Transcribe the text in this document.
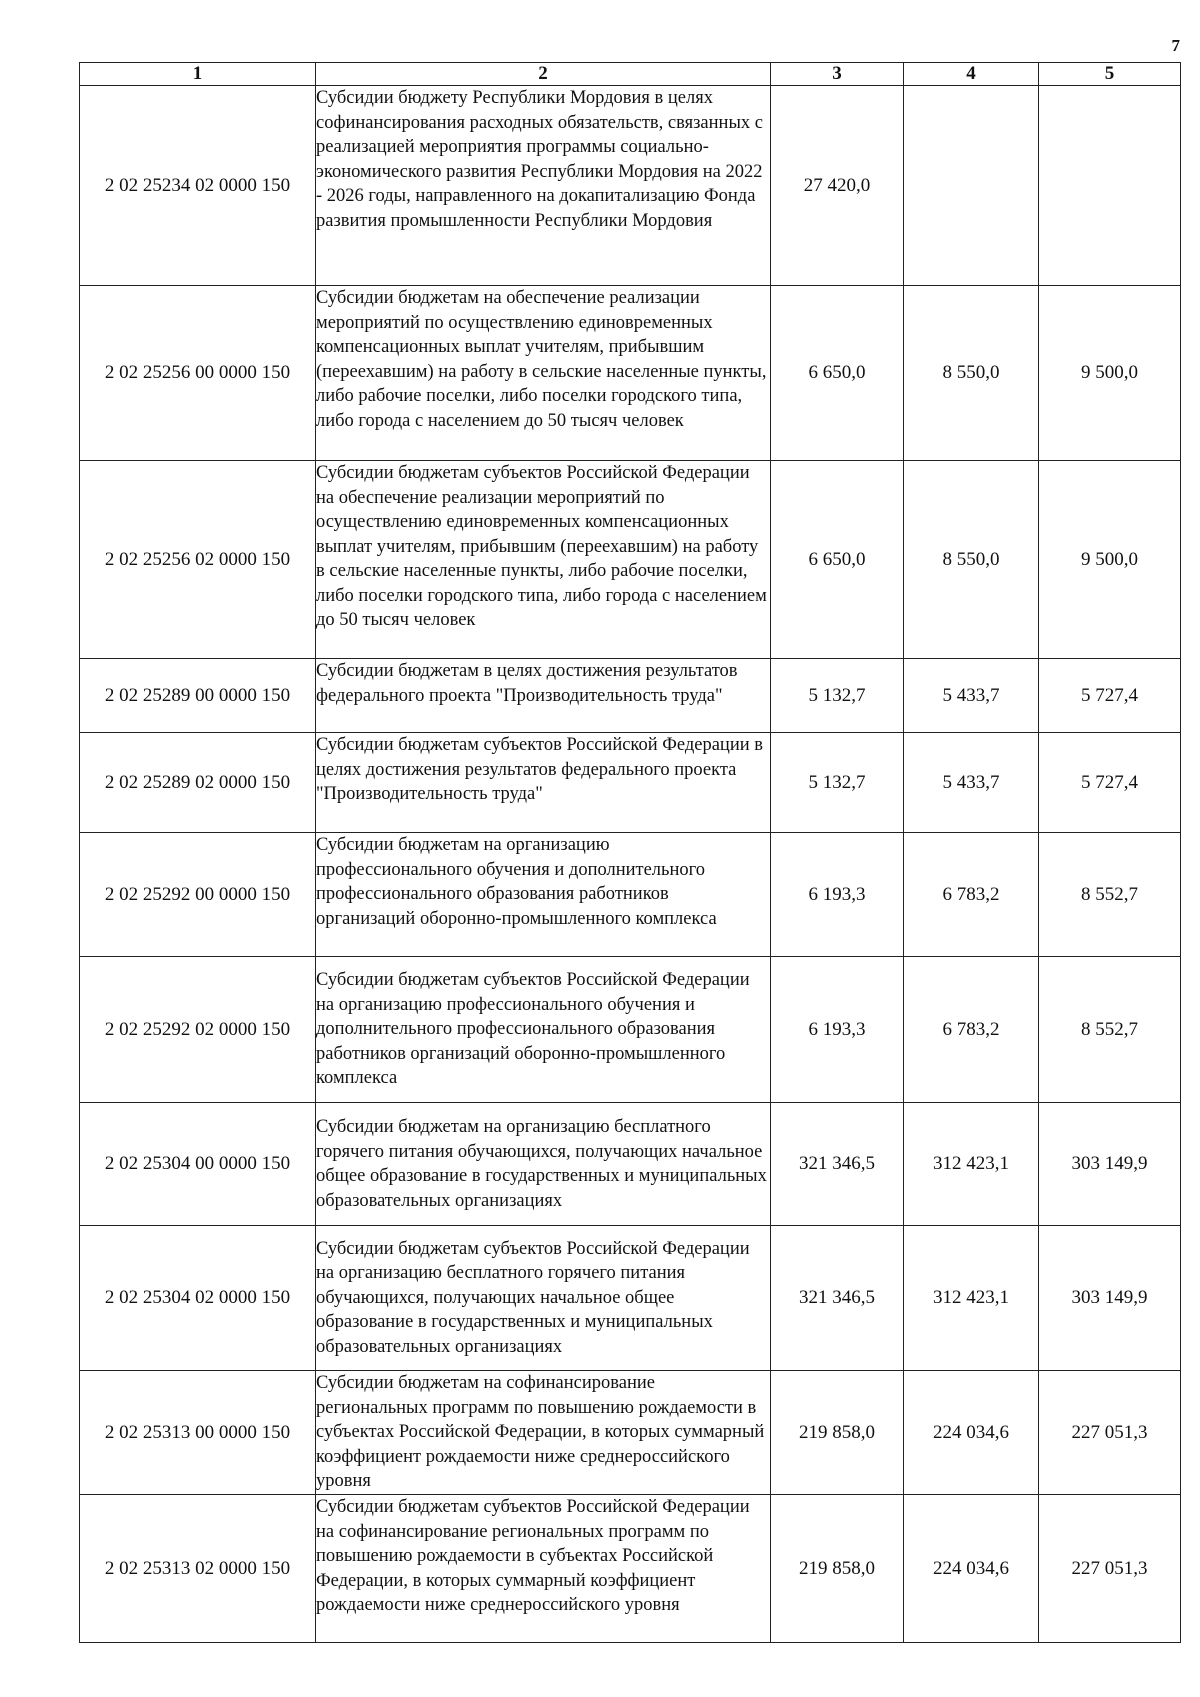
7
1	2	3	4	5
2 02 25234 02 0000 150	Субсидии бюджету Республики Мордовия в целях софинансирования расходных обязательств, связанных с реализацией мероприятия программы социально-экономического развития Республики Мордовия на 2022 - 2026 годы, направленного на докапитализацию Фонда развития промышленности Республики Мордовия	27 420,0		
2 02 25256 00 0000 150	Субсидии бюджетам на обеспечение реализации мероприятий по осуществлению единовременных компенсационных выплат учителям, прибывшим (переехавшим) на работу в сельские населенные пункты, либо рабочие поселки, либо поселки городского типа, либо города с населением до 50 тысяч человек	6 650,0	8 550,0	9 500,0
2 02 25256 02 0000 150	Субсидии бюджетам субъектов Российской Федерации на обеспечение реализации мероприятий по осуществлению единовременных компенсационных выплат учителям, прибывшим (переехавшим) на работу в сельские населенные пункты, либо рабочие поселки, либо поселки городского типа, либо города с населением до 50 тысяч человек	6 650,0	8 550,0	9 500,0
2 02 25289 00 0000 150	Субсидии бюджетам в целях достижения результатов федерального проекта "Производительность труда"	5 132,7	5 433,7	5 727,4
2 02 25289 02 0000 150	Субсидии бюджетам субъектов Российской Федерации в целях достижения результатов федерального проекта "Производительность труда"	5 132,7	5 433,7	5 727,4
2 02 25292 00 0000 150	Субсидии бюджетам на организацию профессионального обучения и дополнительного профессионального образования работников организаций оборонно-промышленного комплекса	6 193,3	6 783,2	8 552,7
2 02 25292 02 0000 150	Субсидии бюджетам субъектов Российской Федерации на организацию профессионального обучения и дополнительного профессионального образования работников организаций оборонно-промышленного комплекса	6 193,3	6 783,2	8 552,7
2 02 25304 00 0000 150	Субсидии бюджетам на организацию бесплатного горячего питания обучающихся, получающих начальное общее образование в государственных и муниципальных образовательных организациях	321 346,5	312 423,1	303 149,9
2 02 25304 02 0000 150	Субсидии бюджетам субъектов Российской Федерации на организацию бесплатного горячего питания обучающихся, получающих начальное общее образование в государственных и муниципальных образовательных организациях	321 346,5	312 423,1	303 149,9
2 02 25313 00 0000 150	Субсидии бюджетам на софинансирование региональных программ по повышению рождаемости в субъектах Российской Федерации, в которых суммарный коэффициент рождаемости ниже среднероссийского уровня	219 858,0	224 034,6	227 051,3
2 02 25313 02 0000 150	Субсидии бюджетам субъектов Российской Федерации на софинансирование региональных программ по повышению рождаемости в субъектах Российской Федерации, в которых суммарный коэффициент рождаемости ниже среднероссийского уровня	219 858,0	224 034,6	227 051,3
